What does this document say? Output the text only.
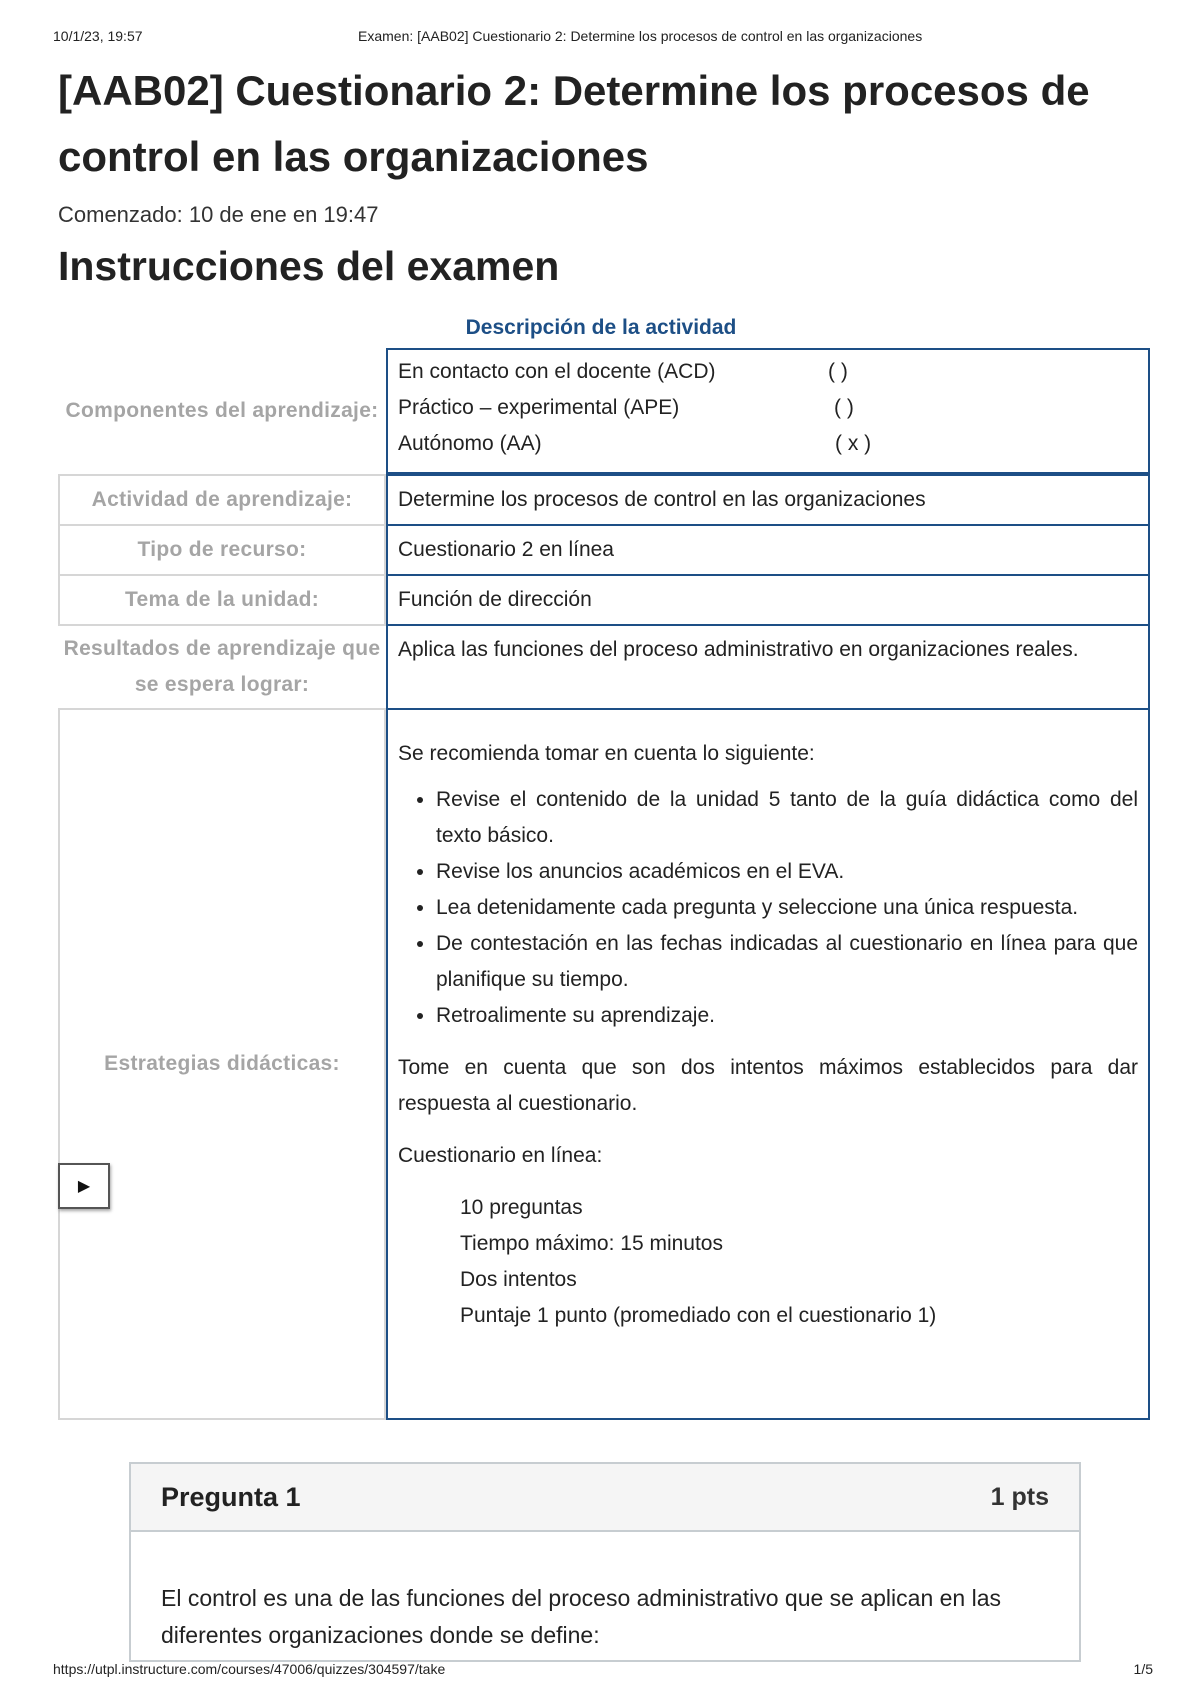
10/1/23, 19:57	Examen: [AAB02] Cuestionario 2: Determine los procesos de control en las organizaciones
[AAB02] Cuestionario 2: Determine los procesos de control en las organizaciones
Comenzado: 10 de ene en 19:47
Instrucciones del examen
Descripción de la actividad
Componentes del aprendizaje:
En contacto con el docente (ACD)	( )
Práctico – experimental (APE)	( )
Autónomo (AA)	( x )
Actividad de aprendizaje:	Determine los procesos de control en las organizaciones
Tipo de recurso:	Cuestionario 2 en línea
Tema de la unidad:	Función de dirección
Resultados de aprendizaje que se espera lograr:
Aplica las funciones del proceso administrativo en organizaciones reales.
Estrategias didácticas:

Se recomienda tomar en cuenta lo siguiente:

• Revise el contenido de la unidad 5 tanto de la guía didáctica como del texto básico.
• Revise los anuncios académicos en el EVA.
• Lea detenidamente cada pregunta y seleccione una única respuesta.
• De contestación en las fechas indicadas al cuestionario en línea para que planifique su tiempo.
• Retroalimente su aprendizaje.

Tome en cuenta que son dos intentos máximos establecidos para dar respuesta al cuestionario.

Cuestionario en línea:

10 preguntas
Tiempo máximo: 15 minutos
Dos intentos
Puntaje 1 punto (promediado con el cuestionario 1)
▶
Pregunta 1	1 pts
El control es una de las funciones del proceso administrativo que se aplican en las diferentes organizaciones donde se define:
https://utpl.instructure.com/courses/47006/quizzes/304597/take	1/5
